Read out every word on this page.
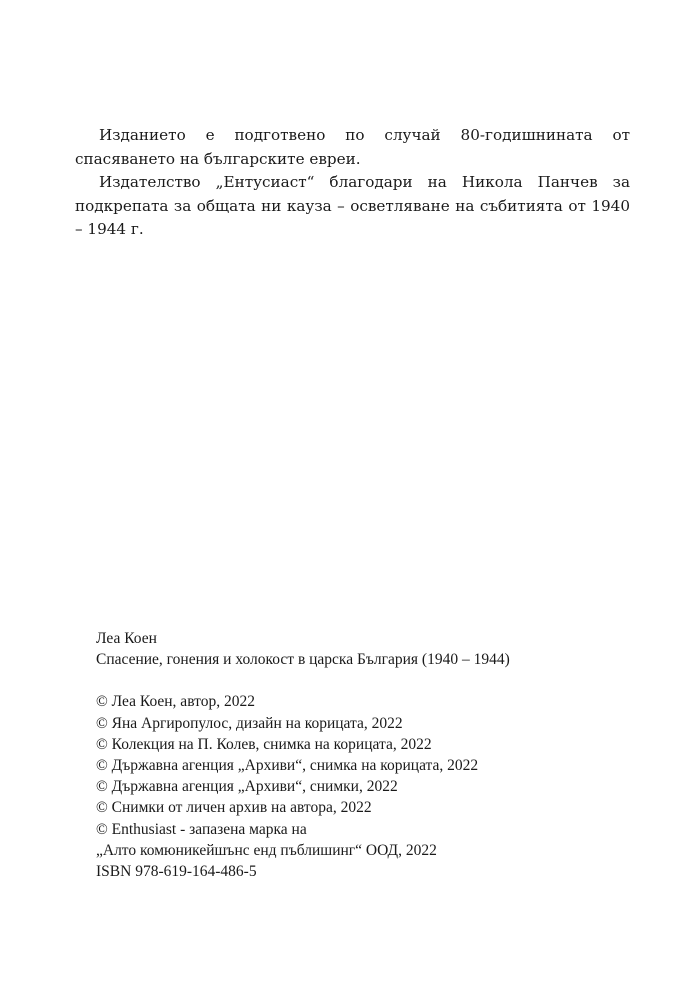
Изданието е подготвено по случай 80-годишнината от спасяването на българските евреи.

Издателство „Ентусиаст“ благодари на Никола Панчев за подкрепата за общата ни кауза – осветляване на събитията от 1940 – 1944 г.

Леа Коен
Спасение, гонения и холокост в царска България (1940 – 1944)
© Леа Коен, автор, 2022
© Яна Аргиропулос, дизайн на корицата, 2022
© Колекция на П. Колев, снимка на корицата, 2022
© Държавна агенция „Архиви“, снимка на корицата, 2022
© Държавна агенция „Архиви“, снимки, 2022
© Снимки от личен архив на автора, 2022
© Enthusiast - запазена марка на
„Алто комюникейшънс енд пъблишинг“ ООД, 2022
ISBN 978-619-164-486-5
